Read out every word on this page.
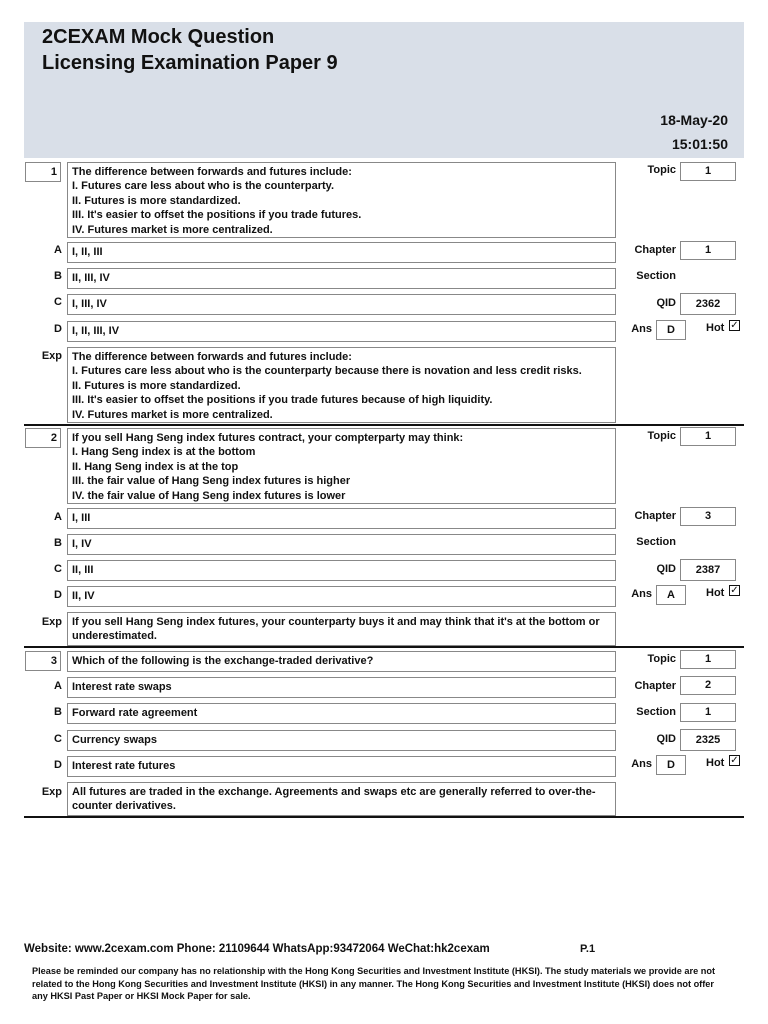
2CEXAM Mock Question
Licensing Examination Paper 9
18-May-20
15:01:50
1	The difference between forwards and futures include:
I. Futures care less about who is the counterparty.
II. Futures is more standardized.
III. It's easier to offset the positions if you trade futures.
IV. Futures market is more centralized.
A I, II, III
B II, III, IV
C I, III, IV
D I, II, III, IV
Exp The difference between forwards and futures include:
I. Futures care less about who is the counterparty because there is novation and less credit risks.
II. Futures is more standardized.
III. It's easier to offset the positions if you trade futures because of high liquidity.
IV. Futures market is more centralized.
Topic	1
Chapter	1
Section
QID	2362
Ans	D	Hot ✓
2	If you sell Hang Seng index futures contract, your compterparty may think:
I. Hang Seng index is at the bottom
II. Hang Seng index is at the top
III. the fair value of Hang Seng index futures is higher
IV. the fair value of Hang Seng index futures is lower
A I, III
B I, IV
C II, III
D II, IV
Exp If you sell Hang Seng index futures, your counterparty buys it and may think that it's at the bottom or
underestimated.
Topic	1
Chapter	3
Section
QID	2387
Ans	A	Hot ✓
3	Which of the following is the exchange-traded derivative?
A Interest rate swaps
B Forward rate agreement
C Currency swaps
D Interest rate futures
Exp All futures are traded in the exchange. Agreements and swaps etc are generally referred to over-the-
counter derivatives.
Topic	1
Chapter	2
Section	1
QID	2325
Ans	D	Hot ✓
Website: www.2cexam.com Phone: 21109644 WhatsApp:93472064 WeChat:hk2cexam	P.1
Please be reminded our company has no relationship with the Hong Kong Securities and Investment Institute (HKSI). The study materials we provide are not related to the Hong Kong Securities and Investment Institute (HKSI) in any manner. The Hong Kong Securities and Investment Institute (HKSI) does not offer any HKSI Past Paper or HKSI Mock Paper for sale.
